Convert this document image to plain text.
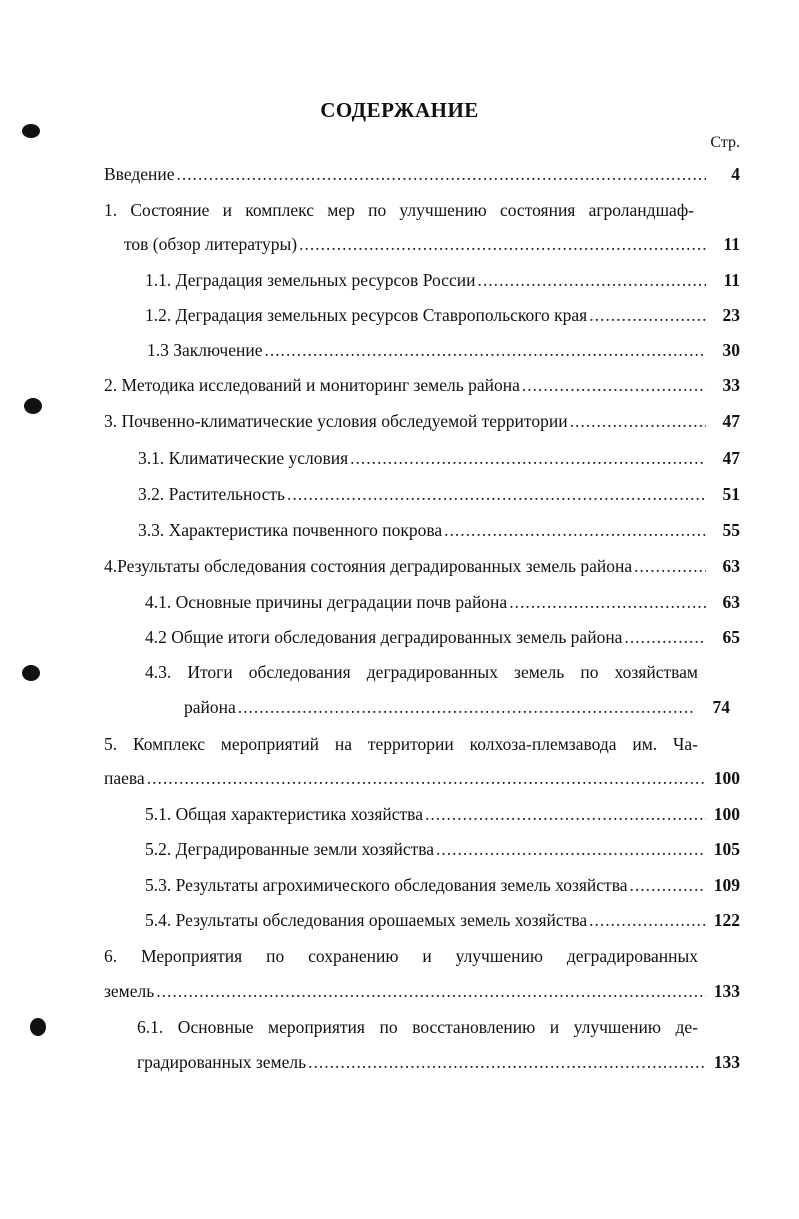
СОДЕРЖАНИЕ
Стр.
Введение .....	4
1. Состояние и комплекс мер по улучшению состояния агроландшаф-
тов (обзор литературы) .....	11
1.1. Деградация земельных ресурсов России .....	11
1.2. Деградация земельных ресурсов Ставропольского края .....	23
1.3 Заключение .....	30
2. Методика исследований и мониторинг земель района .....	33
3. Почвенно-климатические условия обследуемой территории .....	47
3.1. Климатические условия .....	47
3.2. Растительность .....	51
3.3. Характеристика почвенного покрова .....	55
4.Результаты обследования состояния деградированных земель района .....	63
4.1. Основные причины деградации почв района .....	63
4.2 Общие итоги обследования деградированных земель района .....	65
4.3. Итоги обследования деградированных земель по хозяйствам
района .....	74
5. Комплекс мероприятий на территории колхоза-племзавода им. Ча-
паева .....	100
5.1. Общая характеристика хозяйства .....	100
5.2. Деградированные земли хозяйства .....	105
5.3. Результаты агрохимического обследования земель хозяйства .....	109
5.4. Результаты обследования орошаемых земель хозяйства .....	122
6. Мероприятия по сохранению и улучшению деградированных
земель .....	133
6.1. Основные мероприятия по восстановлению и улучшению де-
градированных земель .....	133
